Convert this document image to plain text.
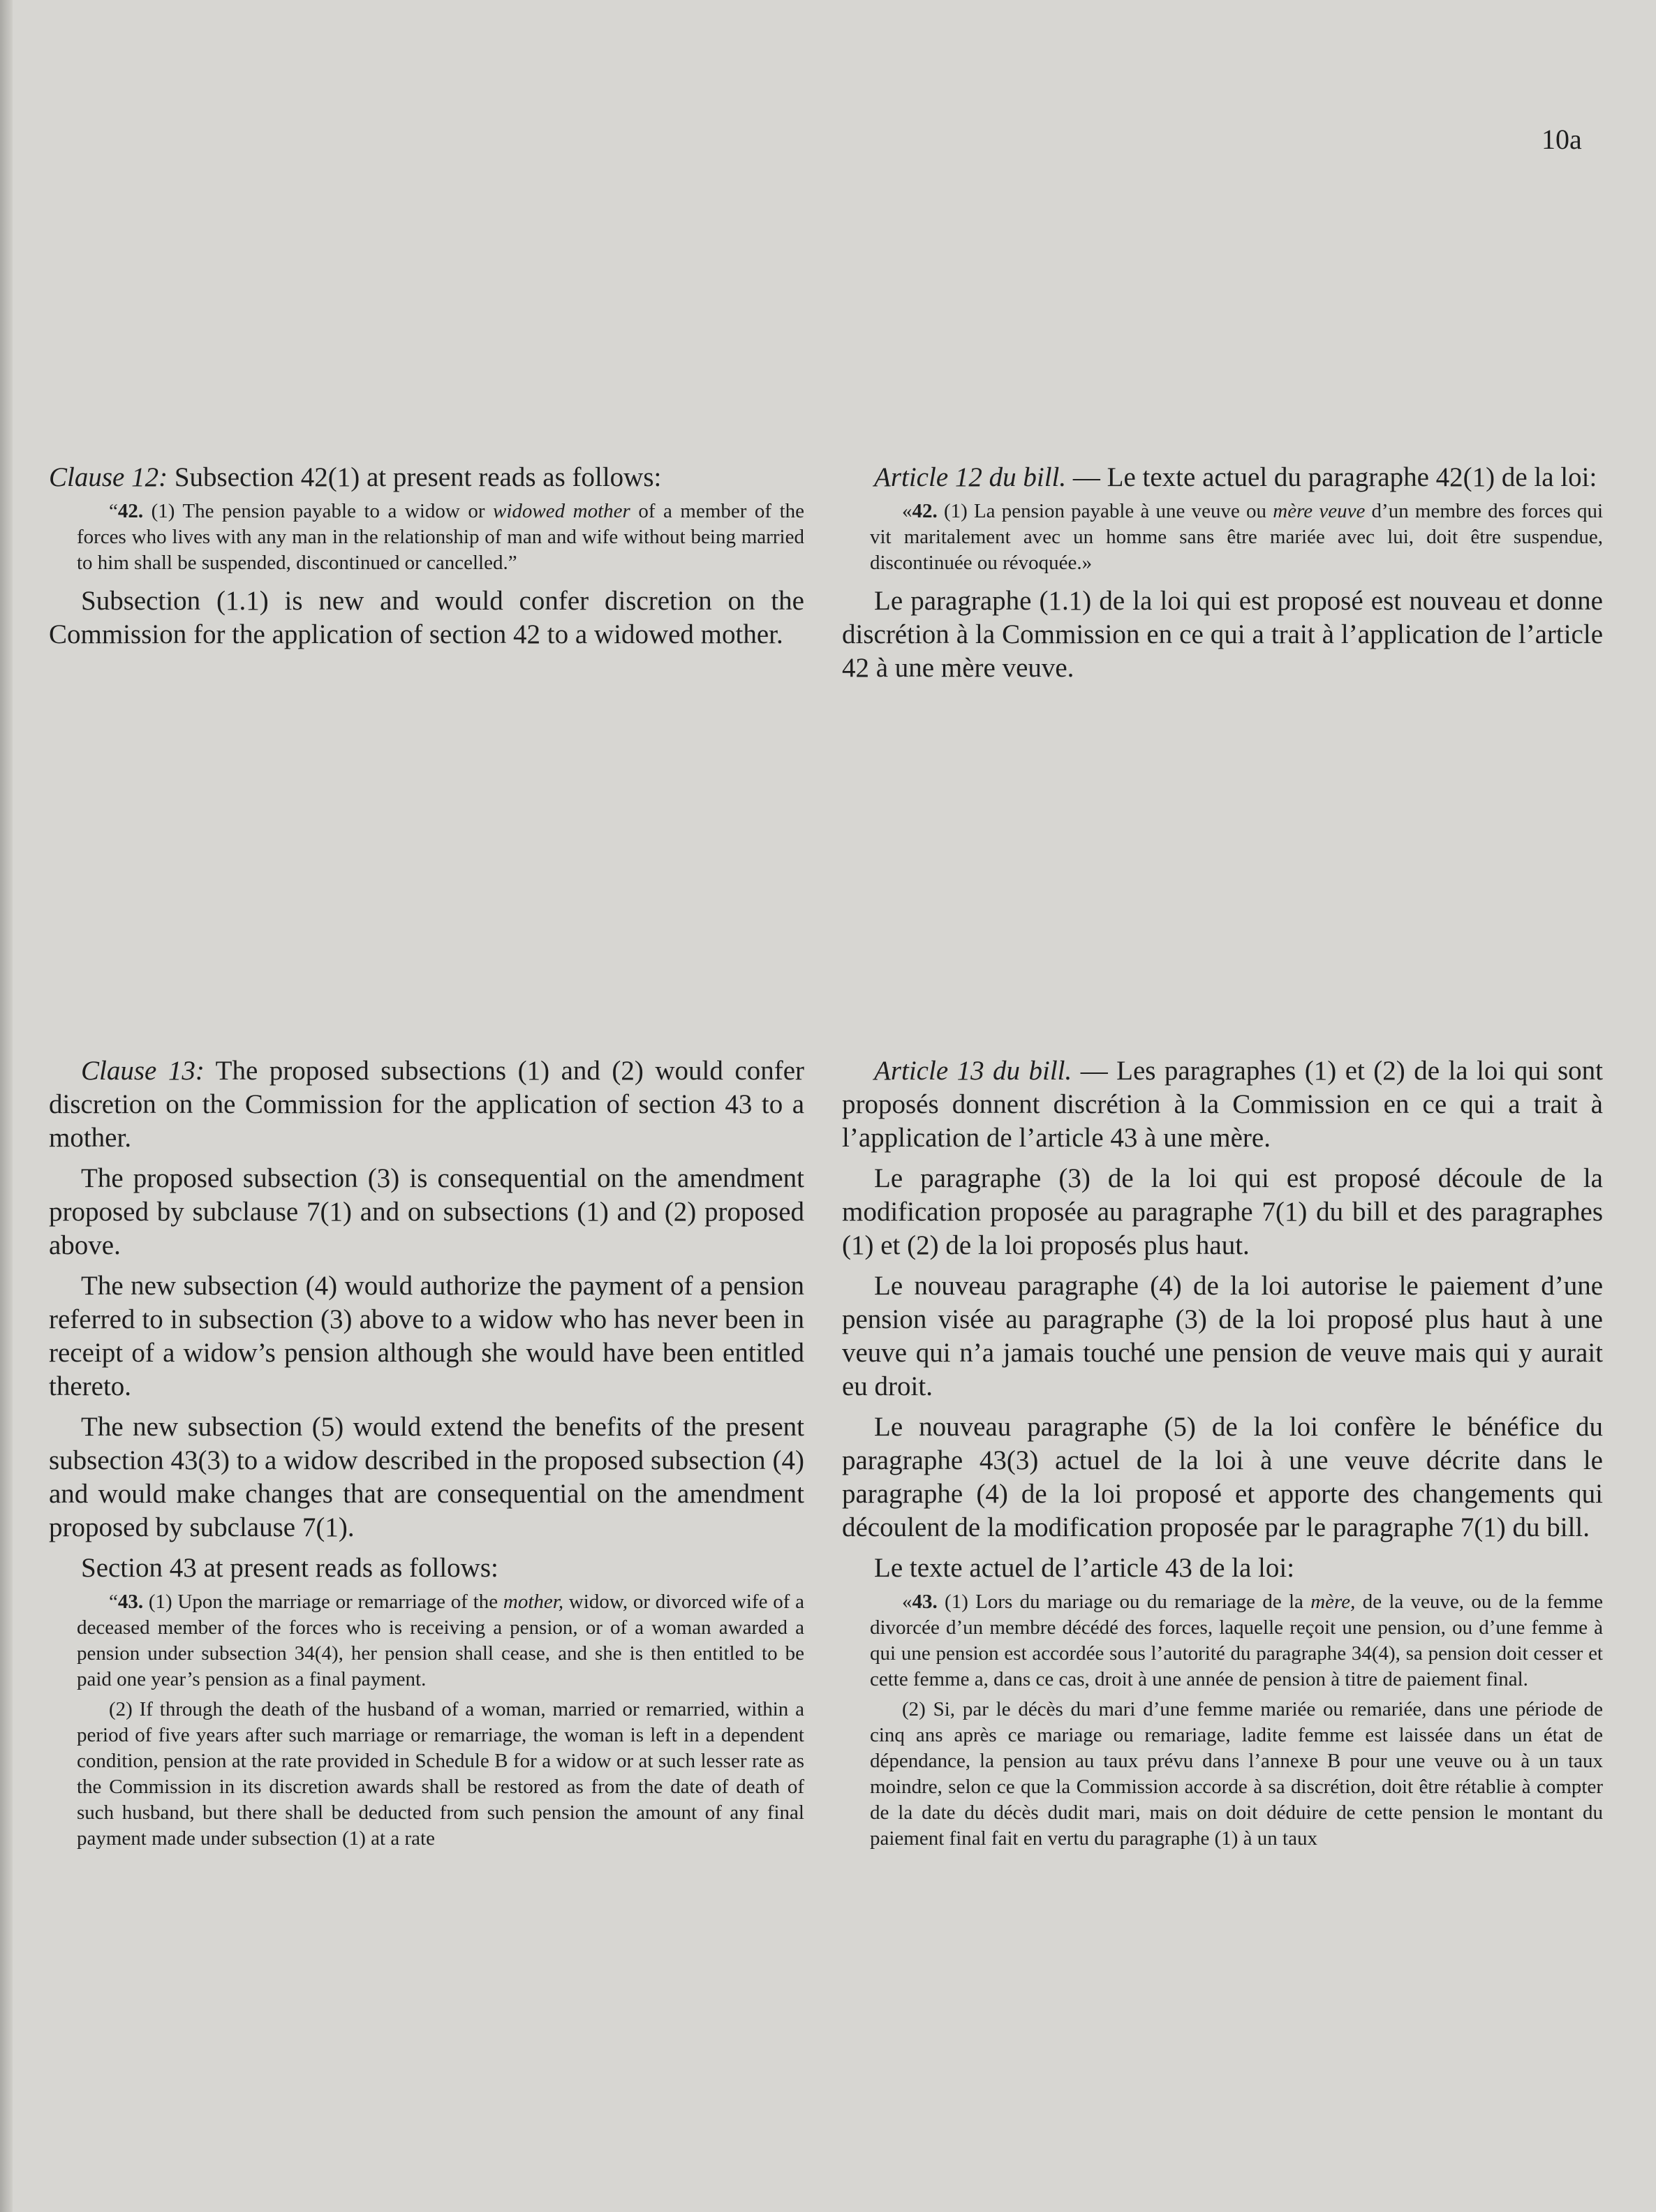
10a

Clause 12: Subsection 42(1) at present reads as follows:

“42. (1) The pension payable to a widow or widowed mother of a member of the forces who lives with any man in the relationship of man and wife without being married to him shall be suspended, discontinued or cancelled.”

Subsection (1.1) is new and would confer discretion on the Commission for the application of section 42 to a widowed mother.

Article 12 du bill. — Le texte actuel du paragraphe 42(1) de la loi:

«42. (1) La pension payable à une veuve ou mère veuve d’un membre des forces qui vit maritalement avec un homme sans être mariée avec lui, doit être suspendue, discontinuée ou révoquée.»

Le paragraphe (1.1) de la loi qui est proposé est nouveau et donne discrétion à la Commission en ce qui a trait à l’application de l’article 42 à une mère veuve.

Clause 13: The proposed subsections (1) and (2) would confer discretion on the Commission for the application of section 43 to a mother.

The proposed subsection (3) is consequential on the amendment proposed by subclause 7(1) and on subsections (1) and (2) proposed above.

The new subsection (4) would authorize the payment of a pension referred to in subsection (3) above to a widow who has never been in receipt of a widow’s pension although she would have been entitled thereto.

The new subsection (5) would extend the benefits of the present subsection 43(3) to a widow described in the proposed subsection (4) and would make changes that are consequential on the amendment proposed by subclause 7(1).

Section 43 at present reads as follows:

“43. (1) Upon the marriage or remarriage of the mother, widow, or divorced wife of a deceased member of the forces who is receiving a pension, or of a woman awarded a pension under subsection 34(4), her pension shall cease, and she is then entitled to be paid one year’s pension as a final payment.

(2) If through the death of the husband of a woman, married or remarried, within a period of five years after such marriage or remarriage, the woman is left in a dependent condition, pension at the rate provided in Schedule B for a widow or at such lesser rate as the Commission in its discretion awards shall be restored as from the date of death of such husband, but there shall be deducted from such pension the amount of any final payment made under subsection (1) at a rate

Article 13 du bill. — Les paragraphes (1) et (2) de la loi qui sont proposés donnent discrétion à la Commission en ce qui a trait à l’application de l’article 43 à une mère.

Le paragraphe (3) de la loi qui est proposé découle de la modification proposée au paragraphe 7(1) du bill et des paragraphes (1) et (2) de la loi proposés plus haut.

Le nouveau paragraphe (4) de la loi autorise le paiement d’une pension visée au paragraphe (3) de la loi proposé plus haut à une veuve qui n’a jamais touché une pension de veuve mais qui y aurait eu droit.

Le nouveau paragraphe (5) de la loi confère le bénéfice du paragraphe 43(3) actuel de la loi à une veuve décrite dans le paragraphe (4) de la loi proposé et apporte des changements qui découlent de la modification proposée par le paragraphe 7(1) du bill.

Le texte actuel de l’article 43 de la loi:

«43. (1) Lors du mariage ou du remariage de la mère, de la veuve, ou de la femme divorcée d’un membre décédé des forces, laquelle reçoit une pension, ou d’une femme à qui une pension est accordée sous l’autorité du paragraphe 34(4), sa pension doit cesser et cette femme a, dans ce cas, droit à une année de pension à titre de paiement final.

(2) Si, par le décès du mari d’une femme mariée ou remariée, dans une période de cinq ans après ce mariage ou remariage, ladite femme est laissée dans un état de dépendance, la pension au taux prévu dans l’annexe B pour une veuve ou à un taux moindre, selon ce que la Commission accorde à sa discrétion, doit être rétablie à compter de la date du décès dudit mari, mais on doit déduire de cette pension le montant du paiement final fait en vertu du paragraphe (1) à un taux
